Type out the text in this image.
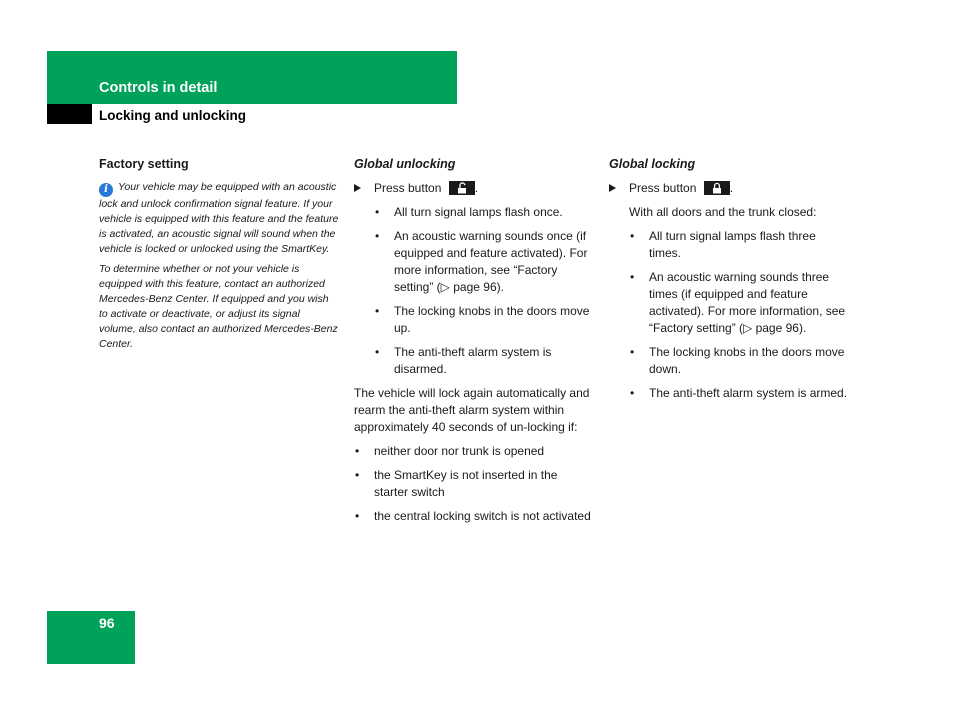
Controls in detail
Locking and unlocking
Factory setting

i Your vehicle may be equipped with an acoustic lock and unlock confirmation signal feature. If your vehicle is equipped with this feature and the feature is activated, an acoustic signal will sound when the vehicle is locked or unlocked using the SmartKey.

To determine whether or not your vehicle is equipped with this feature, contact an authorized Mercedes-Benz Center. If equipped and you wish to activate or deactivate, or adjust its signal volume, also contact an authorized Mercedes-Benz Center.

Global unlocking
Press button	.
• All turn signal lamps flash once.
• An acoustic warning sounds once (if equipped and feature activated). For more information, see “Factory setting” (▷ page 96).
• The locking knobs in the doors move up.
• The anti-theft alarm system is disarmed.

The vehicle will lock again automatically and rearm the anti-theft alarm system within approximately 40 seconds of un-locking if:

• neither door nor trunk is opened
• the SmartKey is not inserted in the starter switch
• the central locking switch is not activated
Global locking
Press button	.

With all doors and the trunk closed:

• All turn signal lamps flash three times.
• An acoustic warning sounds three times (if equipped and feature activated). For more information, see “Factory setting” (▷ page 96).
• The locking knobs in the doors move down.
• The anti-theft alarm system is armed.
96
